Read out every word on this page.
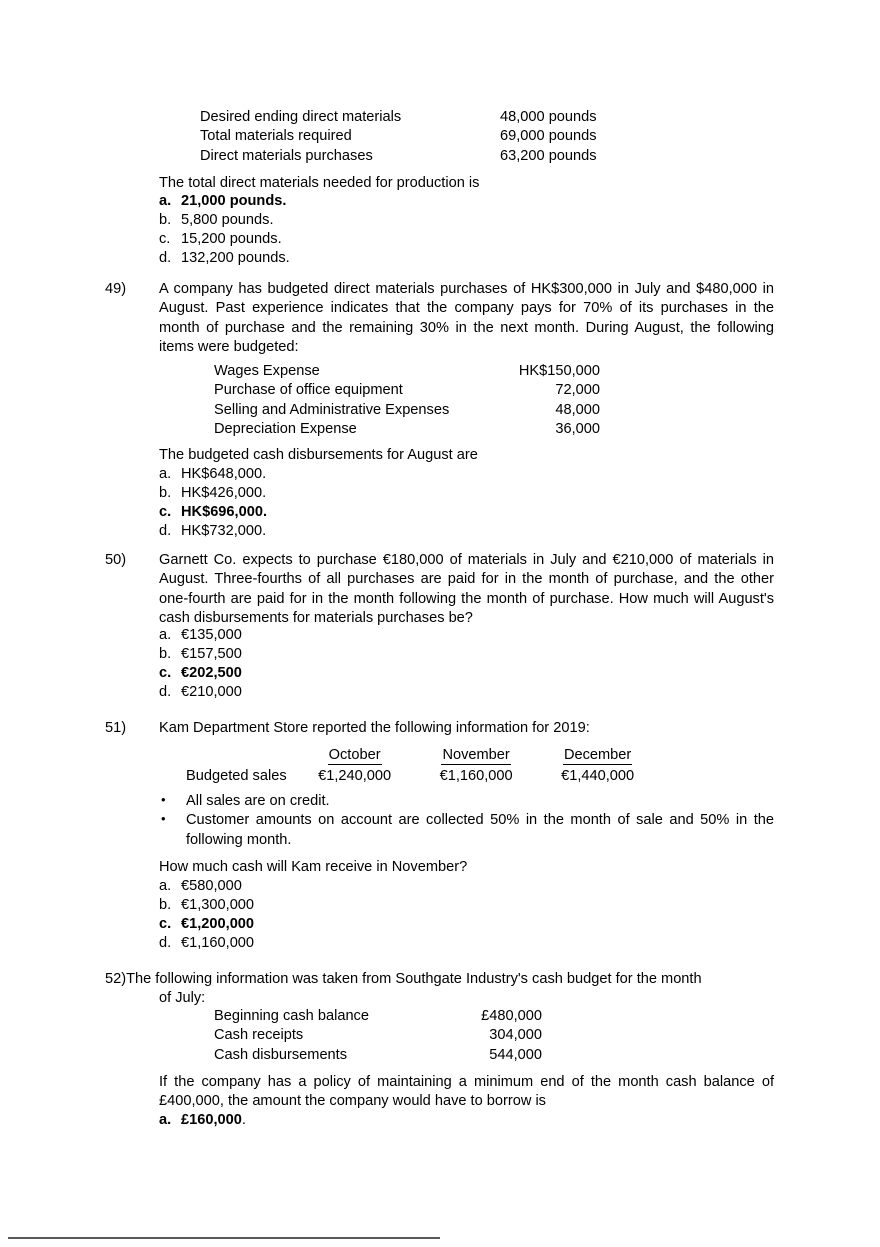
Desired ending direct materials	48,000 pounds
Total materials required	69,000 pounds
Direct materials purchases	63,200 pounds
The total direct materials needed for production is
a. 21,000 pounds.
b. 5,800 pounds.
c. 15,200 pounds.
d. 132,200 pounds.
49) A company has budgeted direct materials purchases of HK$300,000 in July and $480,000 in August. Past experience indicates that the company pays for 70% of its purchases in the month of purchase and the remaining 30% in the next month. During August, the following items were budgeted:
Wages Expense	HK$150,000
Purchase of office equipment	72,000
Selling and Administrative Expenses	48,000
Depreciation Expense	36,000
The budgeted cash disbursements for August are
a. HK$648,000.
b. HK$426,000.
c. HK$696,000.
d. HK$732,000.
50) Garnett Co. expects to purchase €180,000 of materials in July and €210,000 of materials in August. Three-fourths of all purchases are paid for in the month of purchase, and the other one-fourth are paid for in the month following the month of purchase. How much will August's cash disbursements for materials purchases be?
a. €135,000
b. €157,500
c. €202,500
d. €210,000
51) Kam Department Store reported the following information for 2019:
	October	November	December
Budgeted sales	€1,240,000	€1,160,000	€1,440,000
• All sales are on credit.
• Customer amounts on account are collected 50% in the month of sale and 50% in the following month.
How much cash will Kam receive in November?
a. €580,000
b. €1,300,000
c. €1,200,000
d. €1,160,000
52)The following information was taken from Southgate Industry's cash budget for the month
of July:
Beginning cash balance	£480,000
Cash receipts	304,000
Cash disbursements	544,000
If the company has a policy of maintaining a minimum end of the month cash balance of £400,000, the amount the company would have to borrow is
a. £160,000.
